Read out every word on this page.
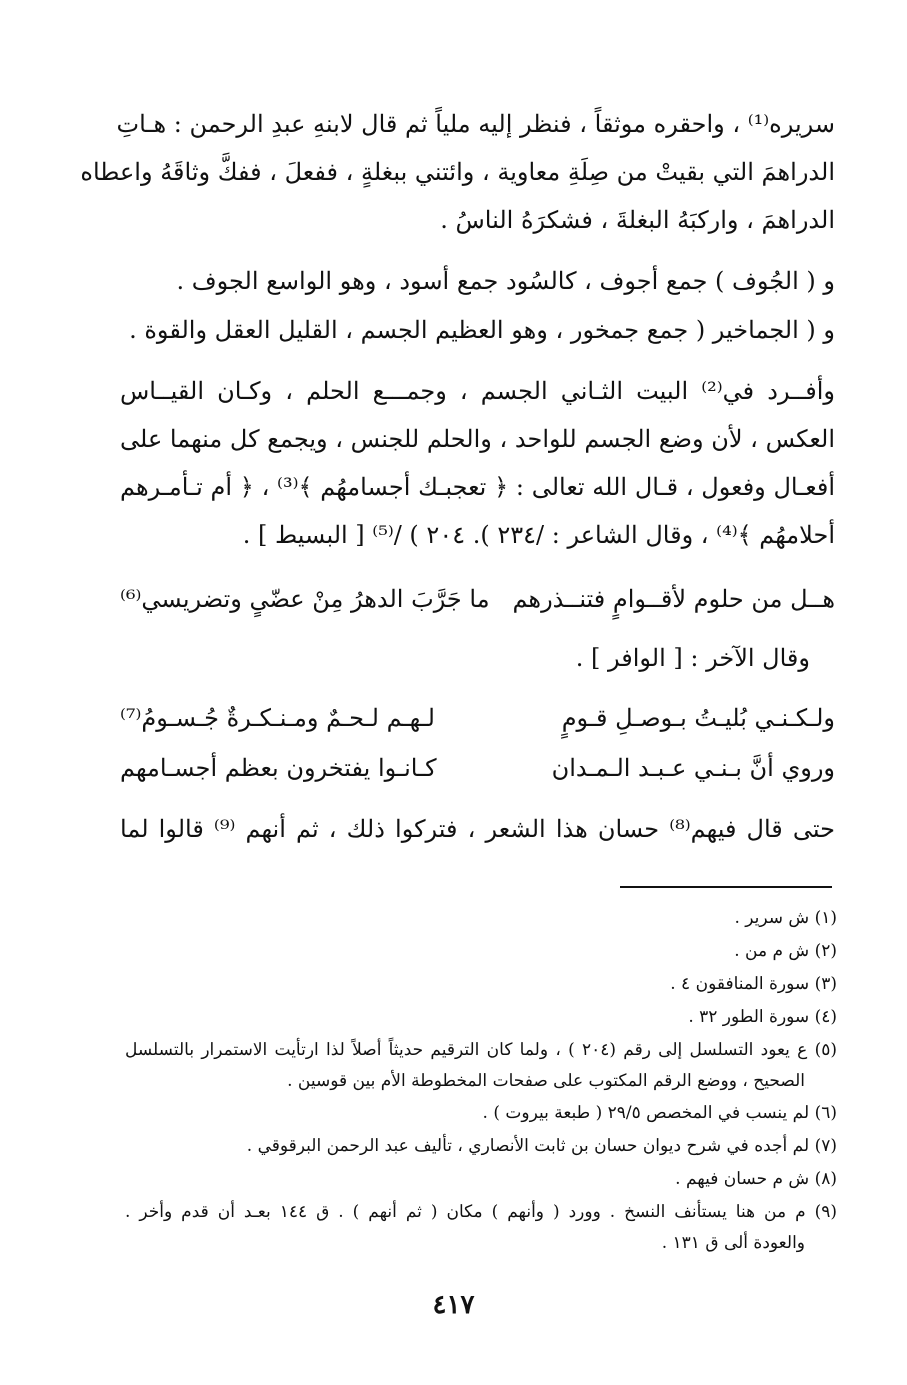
سريره⁽¹⁾ ، واحقره موثقاً ، فنظر إليه ملياً ثم قال لابنهِ عبدِ الرحمن : هـاتِ
الدراهمَ التي بقيتْ من صِلَةِ معاوية ، وائتني ببغلةٍ ، ففعلَ ، ففكَّ وثاقَهُ واعطاه
الدراهمَ ، واركبَهُ البغلةَ ، فشكرَهُ الناسُ .
و ( الجُوف ) جمع أجوف ، كالسُود جمع أسود ، وهو الواسع الجوف .
و ( الجماخير ( جمع جمخور ، وهو العظيم الجسم ، القليل العقل والقوة .
وأفــرد في⁽²⁾ البيت الثـاني الجسم ، وجمـــع الحلم ، وكـان القيــاس
العكس ، لأن وضع الجسم للواحد ، والحلم للجنس ، ويجمع كل منهما على
أفعـال وفعول ، قـال الله تعالى : ﴿ تعجبـك أجسامهُم ﴾⁽³⁾ ، ﴿ أم تـأمـرهم
أحلامهُم ﴾⁽⁴⁾ ، وقال الشاعر : /٢٣٤ ). ٢٠٤ ) /⁽⁵⁾ [ البسيط ] .
هــل من حلوم لأقــوامٍ فتنــذرهم
ما جَرَّبَ الدهرُ مِنْ عضّىٍ وتضريسي⁽⁶⁾
وقال الآخر : [ الوافر ] .
ولـكـنـي بُليـتُ بـوصـلِ قـومٍ
لـهـم لـحـمٌ ومـنـكـرةٌ جُـسـومُ⁽⁷⁾
وروي أنَّ بـنـي عـبـد الـمـدان
كـانـوا يفتخرون بعظم أجسـامهم
حتى قال فيهم⁽⁸⁾ حسان هذا الشعر ، فتركوا ذلك ، ثم أنهم ⁽⁹⁾ قالوا لما
(١) ش سرير .
(٢) ش م من .
(٣) سورة المنافقون ٤ .
(٤) سورة الطور ٣٢ .
(٥) ع يعود التسلسل إلى رقم (٢٠٤ ) ، ولما كان الترقيم حديثاً أصلاً لذا ارتأيت الاستمرار بالتسلسل
الصحيح ، ووضع الرقم المكتوب على صفحات المخطوطة الأم بين قوسين .
(٦) لم ينسب في المخصص ٢٩/٥ ( طبعة بيروت ) .
(٧) لم أجده في شرح ديوان حسان بن ثابت الأنصاري ، تأليف عبد الرحمن البرقوقي .
(٨) ش م حسان فيهم .
(٩) م من هنا يستأنف النسخ . وورد ( وأنهم ) مكان ( ثم أنهم ) . ق ١٤٤ بعـد أن قدم وأخر .
والعودة ألى ق ١٣١ .
٤١٧
